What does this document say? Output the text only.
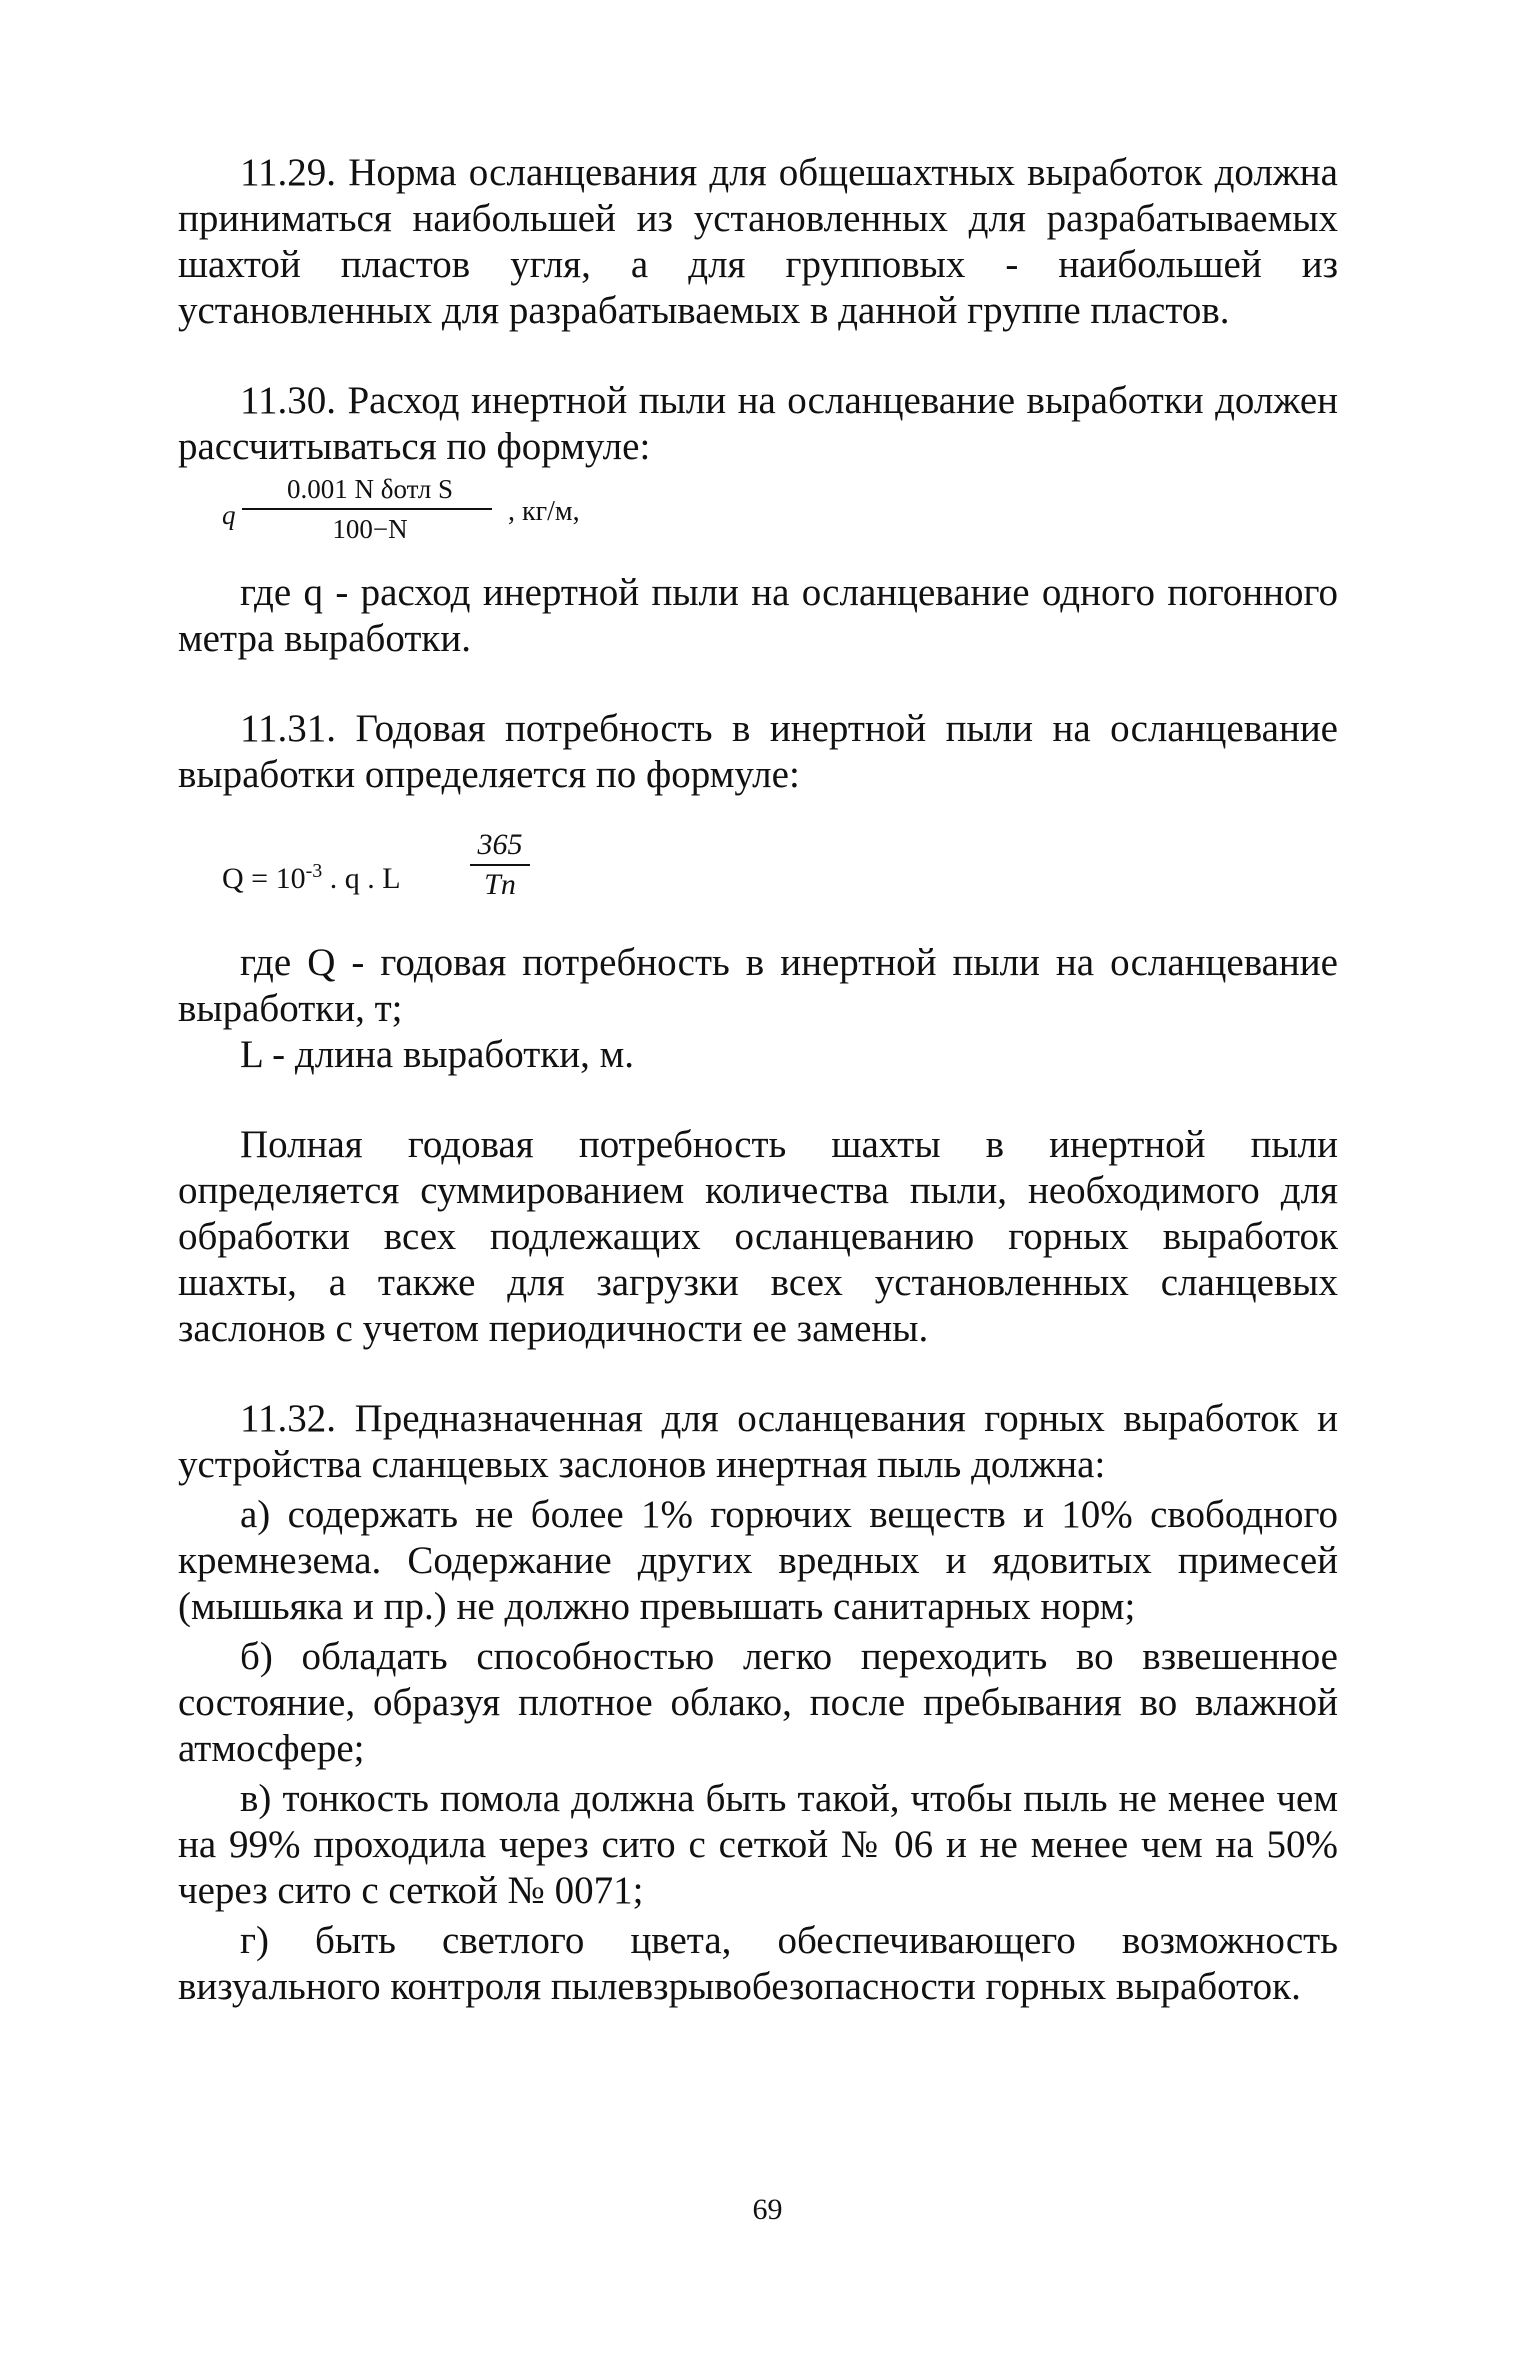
11.29. Норма осланцевания для общешахтных выработок должна приниматься наибольшей из установленных для разрабатываемых шахтой пластов угля, а для групповых - наибольшей из установленных для разрабатываемых в данной группе пластов.

11.30. Расход инертной пыли на осланцевание выработки должен рассчитываться по формуле:

q
0.001 N δотл S
100−N
, кг/м,

где q - расход инертной пыли на осланцевание одного погонного метра выработки.

11.31. Годовая потребность в инертной пыли на осланцевание выработки определяется по формуле:

$Q = 10^{-3}$ . q . L
365
Tп

где Q - годовая потребность в инертной пыли на осланцевание выработки, т;

L - длина выработки, м.

Полная годовая потребность шахты в инертной пыли определяется суммированием количества пыли, необходимого для обработки всех подлежащих осланцеванию горных выработок шахты, а также для загрузки всех установленных сланцевых заслонов с учетом периодичности ее замены.

11.32. Предназначенная для осланцевания горных выработок и устройства сланцевых заслонов инертная пыль должна:

а) содержать не более 1% горючих веществ и 10% свободного кремнезема. Содержание других вредных и ядовитых примесей (мышьяка и пр.) не должно превышать санитарных норм;

б) обладать способностью легко переходить во взвешенное состояние, образуя плотное облако, после пребывания во влажной атмосфере;

в) тонкость помола должна быть такой, чтобы пыль не менее чем на 99% проходила через сито с сеткой № 06 и не менее чем на 50% через сито с сеткой № 0071;

г) быть светлого цвета, обеспечивающего возможность визуального контроля пылевзрывобезопасности горных выработок.

69
